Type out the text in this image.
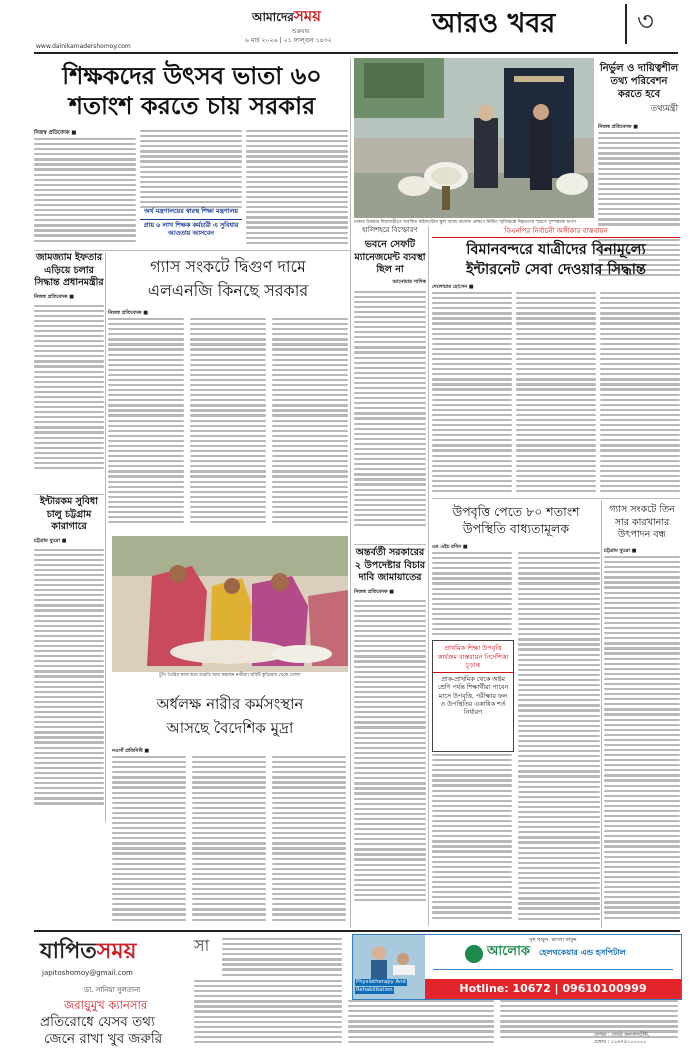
আমাদেরসময়	আরও খবর	৩
www.dainikamadershomoy.com
শুক্রবার
৬ মার্চ ২০২৬ | ২১ ফাল্গুন ১৪৩২
শিক্ষকদের উৎসব ভাতা ৬০
শতাংশ করতে চায় সরকার
নিজস্ব প্রতিবেদক ■
অর্থ মন্ত্রণালয়ের স্বারস্থ শিক্ষা মন্ত্রণালয়
প্রায় ৬ লাখ শিক্ষক কর্মচারী এ সুবিধার আওতায় আসবেন
ঢাকার উত্তরার দিয়াবাড়ীতে অবস্থিত মাইলস্টোন স্কুল অ্যান্ড কলেজ প্রাঙ্গণে নির্মিত স্মৃতিস্তম্ভে নিহতদের স্মরণে পুষ্পস্তবক অর্পণ
নির্ভুল ও দায়িত্বশীল তথ্য পরিবেশন করতে হবে
তথ্যমন্ত্রী
নিজস্ব প্রতিবেদক ■
হালিশহরে বিস্ফোরণ
ভবনে সেফটি ম্যানেজমেন্ট ব্যবস্থা ছিল না
আনোয়ার সাদিক
বিএনপির নির্বাচনী অঙ্গীকার বাস্তবায়ন
বিমানবন্দরে যাত্রীদের বিনামূল্যে
ইন্টারনেট সেবা দেওয়ার সিদ্ধান্ত
দেলোয়ার হোসেন ■
জামজ্যাম ইফতার এড়িয়ে চলার সিদ্ধান্ত প্রধানমন্ত্রীর
নিজস্ব প্রতিবেদক ■
গ্যাস সংকটে দ্বিগুণ দামে
এলএনজি কিনছে সরকার
নিজস্ব প্রতিবেদক ■
ইন্টারকম সুবিধা চালু চট্টগ্রাম কারাগারে
চট্টগ্রাম ব্যুরো ■
টুপি তৈরির কাজ করে বাড়তি আয় করছেন নারীরা। ছবিটি কুড়িগ্রাম থেকে তোলা
অর্ধলক্ষ নারীর কর্মসংস্থান
আসছে বৈদেশিক মুদ্রা
নওগাঁ প্রতিনিধি ■
অন্তর্বর্তী সরকারের ২ উপদেষ্টার বিচার দাবি জামায়াতের
নিজস্ব প্রতিবেদক ■
উপবৃত্তি পেতে ৮০ শতাংশ উপস্থিতি বাধ্যতামূলক
এম এইচ রবিন ■
প্রাথমিক শিক্ষা উপবৃত্তি কার্যক্রম বাস্তবায়ন নির্দেশিকা চূড়ান্ত
প্রাক-প্রাথমিক থেকে অষ্টম শ্রেণি পর্যন্ত শিক্ষার্থীরা পাবেন মাসে উপবৃত্তি, পরীক্ষার ফল ও উপস্থিতির একাধিক শর্ত নির্ধারণ
গ্যাস সংকটে তিন সার কারখানার উৎপাদন বন্ধ
চট্টগ্রাম ব্যুরো ■
যাপিতসময়
japitoshomoy@gmail.com
ডা. সানিয়া সুলতানা
জরায়ুমুখ ক্যানসার
প্রতিরোধে যেসব তথ্য
জেনে রাখা খুব জরুরি
সা
লেখক : জ্যেষ্ঠ কনসালটেন্ট,
চেম্বার : ০১৬৭৪১০০০০০
Physiotherapy And
Rehabilitation
সুস্থ থাকুন, ভালো থাকুন
আলোক হেলথকেয়ার এন্ড হসপিটাল
Hotline: 10672 | 09610100999
